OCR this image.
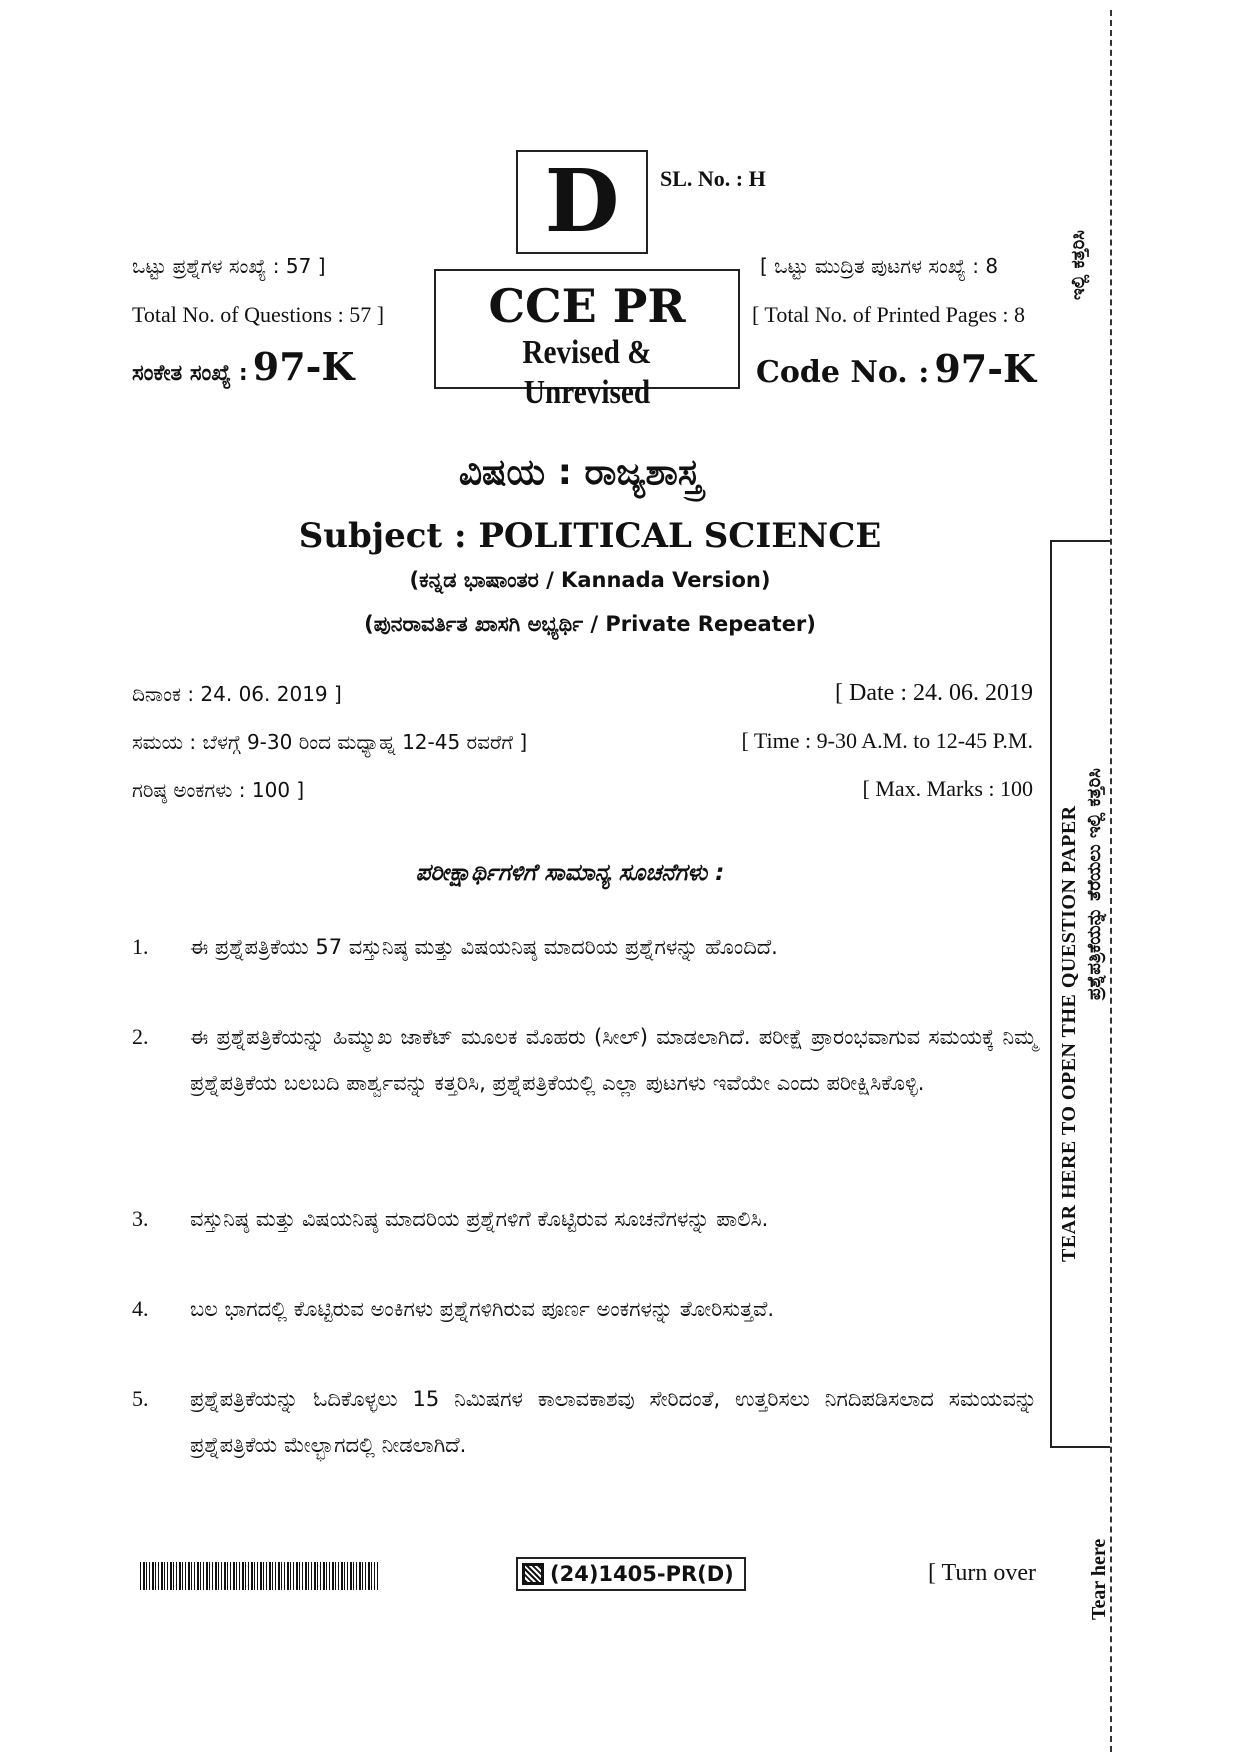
ಇಲ್ಲಿ ಕತ್ತರಿಸಿ
TEAR HERE TO OPEN THE QUESTION PAPER ಪ್ರಶ್ನೆಪತ್ರಿಕೆಯನ್ನು ತೆರೆಯಲು ಇಲ್ಲಿ ಕತ್ತರಿಸಿ
Tear here
D	SL. No. : H
ಒಟ್ಟು ಪ್ರಶ್ನೆಗಳ ಸಂಖ್ಯೆ : 57 ]
Total No. of Questions : 57 ]
ಸಂಕೇತ ಸಂಖ್ಯೆ : 97-K
CCE PR
Revised & Unrevised
[ ಒಟ್ಟು ಮುದ್ರಿತ ಪುಟಗಳ ಸಂಖ್ಯೆ : 8
[ Total No. of Printed Pages : 8
Code No. : 97-K
ವಿಷಯ : ರಾಜ್ಯಶಾಸ್ತ್ರ
Subject : POLITICAL SCIENCE
(ಕನ್ನಡ ಭಾಷಾಂತರ / Kannada Version)
(ಪುನರಾವರ್ತಿತ ಖಾಸಗಿ ಅಭ್ಯರ್ಥಿ / Private Repeater)
ದಿನಾಂಕ : 24. 06. 2019 ]	[ Date : 24. 06. 2019
ಸಮಯ : ಬೆಳಗ್ಗೆ 9-30 ರಿಂದ ಮಧ್ಯಾಹ್ನ 12-45 ರವರೆಗೆ ]	[ Time : 9-30 A.M. to 12-45 P.M.
ಗರಿಷ್ಠ ಅಂಕಗಳು : 100 ]	[ Max. Marks : 100
ಪರೀಕ್ಷಾರ್ಥಿಗಳಿಗೆ ಸಾಮಾನ್ಯ ಸೂಚನೆಗಳು :
1. ಈ ಪ್ರಶ್ನೆಪತ್ರಿಕೆಯು 57 ವಸ್ತುನಿಷ್ಠ ಮತ್ತು ವಿಷಯನಿಷ್ಠ ಮಾದರಿಯ ಪ್ರಶ್ನೆಗಳನ್ನು ಹೊಂದಿದೆ.
2. ಈ ಪ್ರಶ್ನೆಪತ್ರಿಕೆಯನ್ನು ಹಿಮ್ಮುಖ ಜಾಕೆಟ್ ಮೂಲಕ ಮೊಹರು (ಸೀಲ್) ಮಾಡಲಾಗಿದೆ. ಪರೀಕ್ಷೆ ಪ್ರಾರಂಭವಾಗುವ ಸಮಯಕ್ಕೆ ನಿಮ್ಮ ಪ್ರಶ್ನೆಪತ್ರಿಕೆಯ ಬಲಬದಿ ಪಾರ್ಶ್ವವನ್ನು ಕತ್ತರಿಸಿ, ಪ್ರಶ್ನೆಪತ್ರಿಕೆಯಲ್ಲಿ ಎಲ್ಲಾ ಪುಟಗಳು ಇವೆಯೇ ಎಂದು ಪರೀಕ್ಷಿಸಿಕೊಳ್ಳಿ.
3. ವಸ್ತುನಿಷ್ಠ ಮತ್ತು ವಿಷಯನಿಷ್ಠ ಮಾದರಿಯ ಪ್ರಶ್ನೆಗಳಿಗೆ ಕೊಟ್ಟಿರುವ ಸೂಚನೆಗಳನ್ನು ಪಾಲಿಸಿ.
4. ಬಲ ಭಾಗದಲ್ಲಿ ಕೊಟ್ಟಿರುವ ಅಂಕಿಗಳು ಪ್ರಶ್ನೆಗಳಿಗಿರುವ ಪೂರ್ಣ ಅಂಕಗಳನ್ನು ತೋರಿಸುತ್ತವೆ.
5. ಪ್ರಶ್ನೆಪತ್ರಿಕೆಯನ್ನು ಓದಿಕೊಳ್ಳಲು 15 ನಿಮಿಷಗಳ ಕಾಲಾವಕಾಶವು ಸೇರಿದಂತೆ, ಉತ್ತರಿಸಲು ನಿಗದಿಪಡಿಸಲಾದ ಸಮಯವನ್ನು ಪ್ರಶ್ನೆಪತ್ರಿಕೆಯ ಮೇಲ್ಭಾಗದಲ್ಲಿ ನೀಡಲಾಗಿದೆ.
(24)1405-PR(D)	[ Turn over
